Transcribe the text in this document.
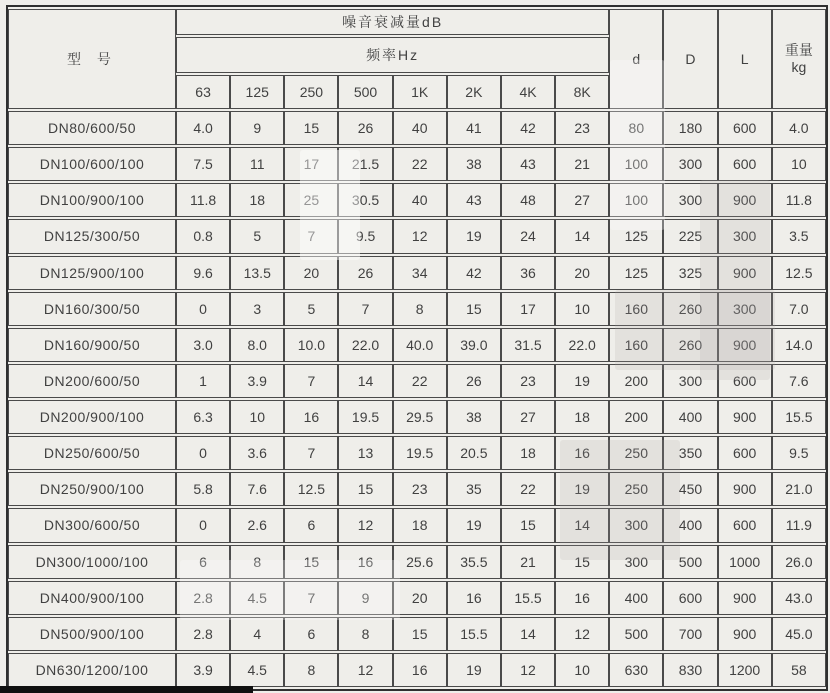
型 号	噪音衰减量dB								d	D	L	重量
kg

	频率Hz											
	63	125	250	500	1K	2K	4K	8K				
DN80/600/50	4.0	9	15	26	40	41	42	23	80	180	600	4.0
DN100/600/100	7.5	11	17	21.5	22	38	43	21	100	300	600	10
DN100/900/100	11.8	18	25	30.5	40	43	48	27	100	300	900	11.8
DN125/300/50	0.8	5	7	9.5	12	19	24	14	125	225	300	3.5
DN125/900/100	9.6	13.5	20	26	34	42	36	20	125	325	900	12.5
DN160/300/50	0	3	5	7	8	15	17	10	160	260	300	7.0
DN160/900/50	3.0	8.0	10.0	22.0	40.0	39.0	31.5	22.0	160	260	900	14.0
DN200/600/50	1	3.9	7	14	22	26	23	19	200	300	600	7.6
DN200/900/100	6.3	10	16	19.5	29.5	38	27	18	200	400	900	15.5
DN250/600/50	0	3.6	7	13	19.5	20.5	18	16	250	350	600	9.5
DN250/900/100	5.8	7.6	12.5	15	23	35	22	19	250	450	900	21.0
DN300/600/50	0	2.6	6	12	18	19	15	14	300	400	600	11.9
DN300/1000/100	6	8	15	16	25.6	35.5	21	15	300	500	1000	26.0
DN400/900/100	2.8	4.5	7	9	20	16	15.5	16	400	600	900	43.0
DN500/900/100	2.8	4	6	8	15	15.5	14	12	500	700	900	45.0
DN630/1200/100	3.9	4.5	8	12	16	19	12	10	630	830	1200	58
